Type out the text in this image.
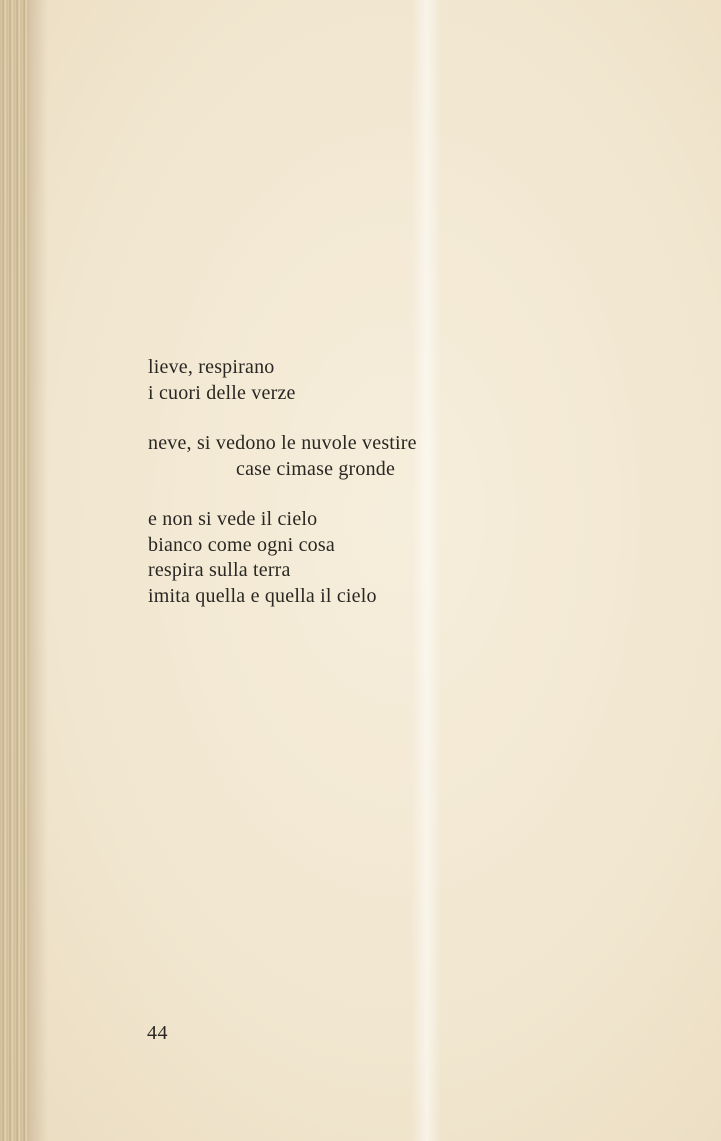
lieve, respirano
i cuori delle verze
neve, si vedono le nuvole vestire
case cimase gronde
e non si vede il cielo
bianco come ogni cosa
respira sulla terra
imita quella e quella il cielo
44
